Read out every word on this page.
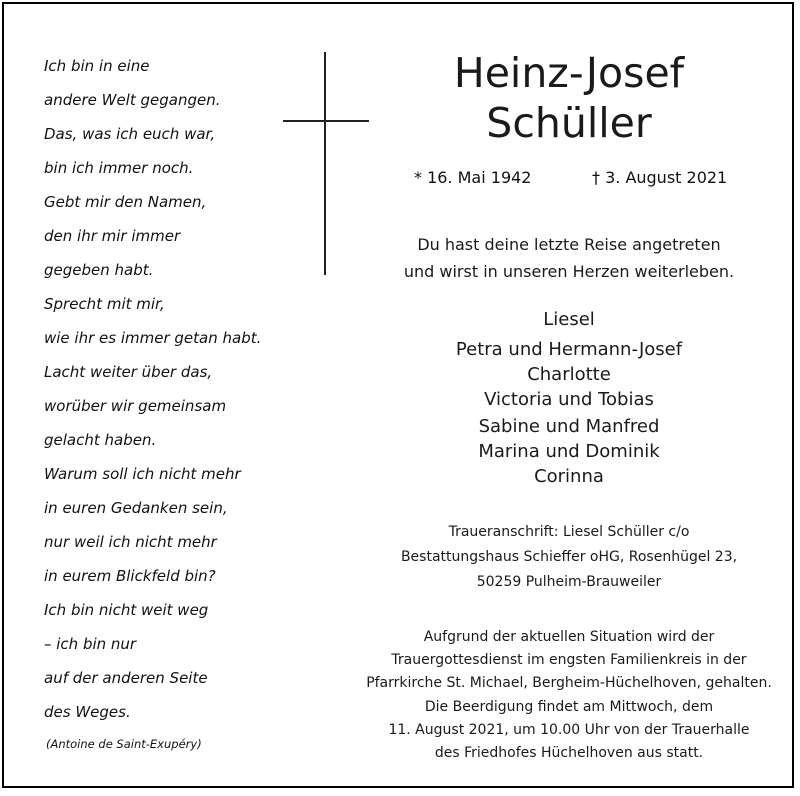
Ich bin in eine
andere Welt gegangen.
Das, was ich euch war,
bin ich immer noch.
Gebt mir den Namen,
den ihr mir immer
gegeben habt.
Sprecht mit mir,
wie ihr es immer getan habt.
Lacht weiter über das,
worüber wir gemeinsam
gelacht haben.
Warum soll ich nicht mehr
in euren Gedanken sein,
nur weil ich nicht mehr
in eurem Blickfeld bin?
Ich bin nicht weit weg
– ich bin nur
auf der anderen Seite
des Weges.
(Antoine de Saint-Exupéry)
Heinz-Josef
Schüller
* 16. Mai 1942	† 3. August 2021
Du hast deine letzte Reise angetreten
und wirst in unseren Herzen weiterleben.
Liesel
Petra und Hermann-Josef
Charlotte
Victoria und Tobias
Sabine und Manfred
Marina und Dominik
Corinna
Traueranschrift: Liesel Schüller c/o
Bestattungshaus Schieffer oHG, Rosenhügel 23,
50259 Pulheim-Brauweiler
Aufgrund der aktuellen Situation wird der
Trauergottesdienst im engsten Familienkreis in der
Pfarrkirche St. Michael, Bergheim-Hüchelhoven, gehalten.
Die Beerdigung findet am Mittwoch, dem
11. August 2021, um 10.00 Uhr von der Trauerhalle
des Friedhofes Hüchelhoven aus statt.
